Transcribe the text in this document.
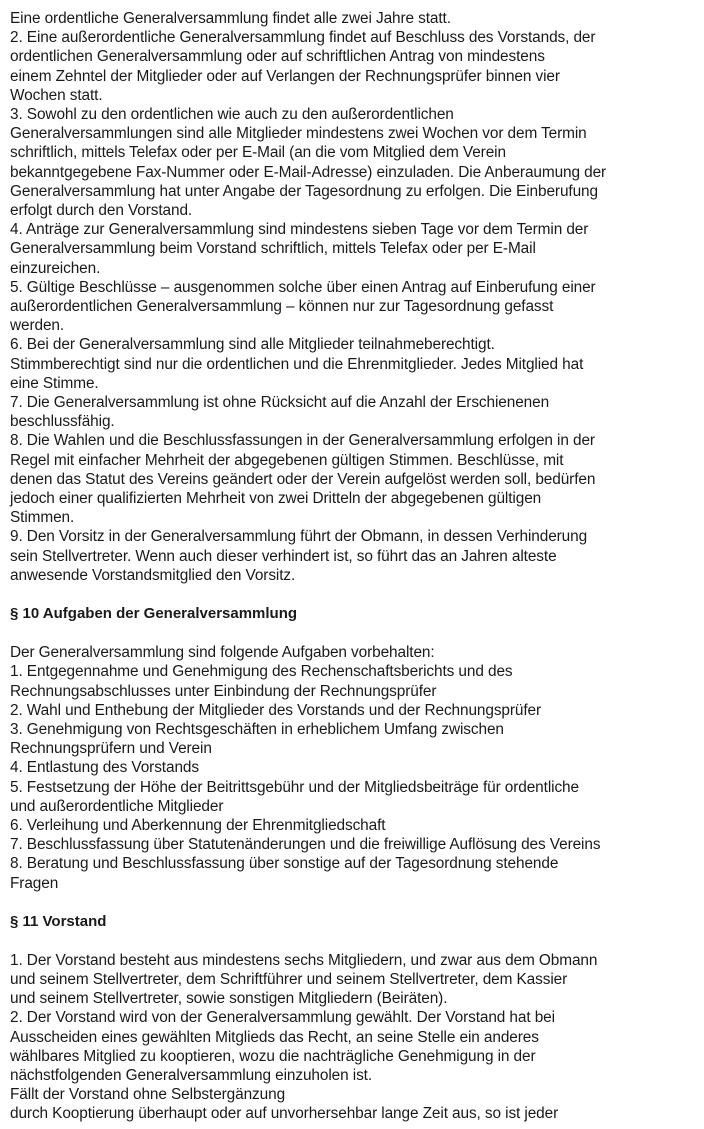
Eine ordentliche Generalversammlung findet alle zwei Jahre statt.

2. Eine außerordentliche Generalversammlung findet auf Beschluss des Vorstands, der
ordentlichen Generalversammlung oder auf schriftlichen Antrag von mindestens
einem Zehntel der Mitglieder oder auf Verlangen der Rechnungsprüfer binnen vier
Wochen statt.

3. Sowohl zu den ordentlichen wie auch zu den außerordentlichen
Generalversammlungen sind alle Mitglieder mindestens zwei Wochen vor dem Termin
schriftlich, mittels Telefax oder per E-Mail (an die vom Mitglied dem Verein
bekanntgegebene Fax-Nummer oder E-Mail-Adresse) einzuladen. Die Anberaumung der
Generalversammlung hat unter Angabe der Tagesordnung zu erfolgen. Die Einberufung
erfolgt durch den Vorstand.

4. Anträge zur Generalversammlung sind mindestens sieben Tage vor dem Termin der
Generalversammlung beim Vorstand schriftlich, mittels Telefax oder per E-Mail
einzureichen.

5. Gültige Beschlüsse – ausgenommen solche über einen Antrag auf Einberufung einer
außerordentlichen Generalversammlung – können nur zur Tagesordnung gefasst
werden.

6. Bei der Generalversammlung sind alle Mitglieder teilnahmeberechtigt.
Stimmberechtigt sind nur die ordentlichen und die Ehrenmitglieder. Jedes Mitglied hat
eine Stimme.

7. Die Generalversammlung ist ohne Rücksicht auf die Anzahl der Erschienenen
beschlussfähig.

8. Die Wahlen und die Beschlussfassungen in der Generalversammlung erfolgen in der
Regel mit einfacher Mehrheit der abgegebenen gültigen Stimmen. Beschlüsse, mit
denen das Statut des Vereins geändert oder der Verein aufgelöst werden soll, bedürfen
jedoch einer qualifizierten Mehrheit von zwei Dritteln der abgegebenen gültigen
Stimmen.

9. Den Vorsitz in der Generalversammlung führt der Obmann, in dessen Verhinderung
sein Stellvertreter. Wenn auch dieser verhindert ist, so führt das an Jahren alteste
anwesende Vorstandsmitglied den Vorsitz.

§ 10 Aufgaben der Generalversammlung

Der Generalversammlung sind folgende Aufgaben vorbehalten:

1. Entgegennahme und Genehmigung des Rechenschaftsberichts und des
Rechnungsabschlusses unter Einbindung der Rechnungsprüfer

2. Wahl und Enthebung der Mitglieder des Vorstands und der Rechnungsprüfer

3. Genehmigung von Rechtsgeschäften in erheblichem Umfang zwischen
Rechnungsprüfern und Verein

4. Entlastung des Vorstands

5. Festsetzung der Höhe der Beitrittsgebühr und der Mitgliedsbeiträge für ordentliche
und außerordentliche Mitglieder

6. Verleihung und Aberkennung der Ehrenmitgliedschaft

7. Beschlussfassung über Statutenänderungen und die freiwillige Auflösung des Vereins

8. Beratung und Beschlussfassung über sonstige auf der Tagesordnung stehende
Fragen

§ 11 Vorstand

1. Der Vorstand besteht aus mindestens sechs Mitgliedern, und zwar aus dem Obmann
und seinem Stellvertreter, dem Schriftführer und seinem Stellvertreter, dem Kassier
und seinem Stellvertreter, sowie sonstigen Mitgliedern (Beiräten).

2. Der Vorstand wird von der Generalversammlung gewählt. Der Vorstand hat bei
Ausscheiden eines gewählten Mitglieds das Recht, an seine Stelle ein anderes
wählbares Mitglied zu kooptieren, wozu die nachträgliche Genehmigung in der
nächstfolgenden Generalversammlung einzuholen ist.
Fällt der Vorstand ohne Selbstergänzung
durch Kooptierung überhaupt oder auf unvorhersehbar lange Zeit aus, so ist jeder
